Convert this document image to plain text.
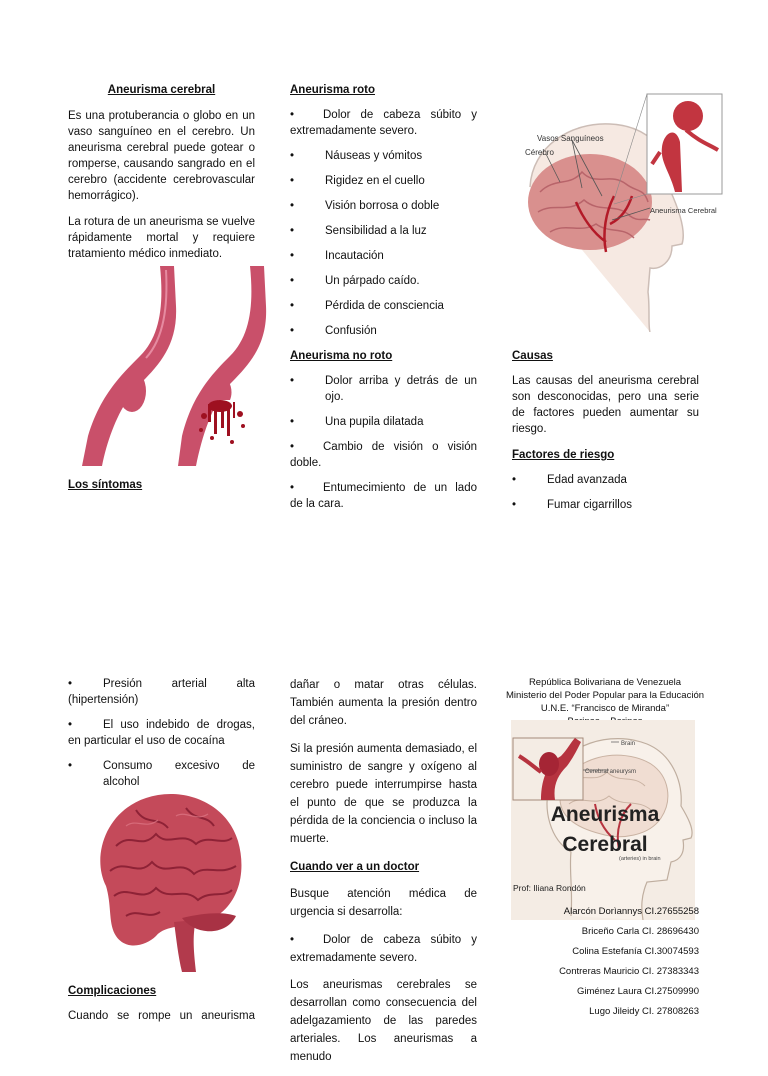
Aneurisma cerebral

Es una protuberancia o globo en un vaso sanguíneo en el cerebro. Un aneurisma cerebral puede gotear o romperse, causando sangrado en el cerebro (accidente cerebrovascular hemorrágico).

La rotura de un aneurisma se vuelve rápidamente mortal y requiere tratamiento médico inmediato.

Los síntomas
Aneurisma roto
•	Dolor de cabeza súbito y extremadamente severo.
•	Náuseas y vómitos
•	Rigidez en el cuello
•	Visión borrosa o doble
•	Sensibilidad a la luz
•	Incautación
•	Un párpado caído.
•	Pérdida de consciencia
•	Confusión
Aneurisma no roto
•	Dolor arriba y detrás de un ojo.
•	Una pupila dilatada
•	Cambio de visión o visión doble.
•	Entumecimiento de un lado de la cara.
Vasos Sanguíneos
Cérebro
Aneurisma Cerebral
Causas

Las causas del aneurisma cerebral son desconocidas, pero una serie de factores pueden aumentar su riesgo.

Factores de riesgo
•	Edad avanzada
•	Fumar cigarrillos
•	Presión arterial alta (hipertensión)
•	El uso indebido de drogas, en particular el uso de cocaína
•	Consumo excesivo de alcohol
Complicaciones

Cuando se rompe un aneurisma

dañar o matar otras células. También aumenta la presión dentro del cráneo.

Si la presión aumenta demasiado, el suministro de sangre y oxígeno al cerebro puede interrumpirse hasta el punto de que se produzca la pérdida de la conciencia o incluso la muerte.

Cuando ver a un doctor

Busque atención médica de urgencia si desarrolla:

•	Dolor de cabeza súbito y extremadamente severo.

Los aneurismas cerebrales se desarrollan como consecuencia del adelgazamiento de las paredes arteriales. Los aneurismas a menudo

República Bolivariana de Venezuela
Ministerio del Poder Popular para la Educación
U.N.E. “Francisco de Miranda”
Brain
Cerebral aneurysm
(arteries) in brain
Aneurisma
Cerebral
Prof: Iliana Rondón
Alarcón Dorìannys CI.27655258
Briceño Carla CI. 28696430
Colina Estefanía CI.30074593
Contreras Mauricio CI. 27383343
Giménez Laura CI.27509990
Lugo Jileidy CI. 27808263
